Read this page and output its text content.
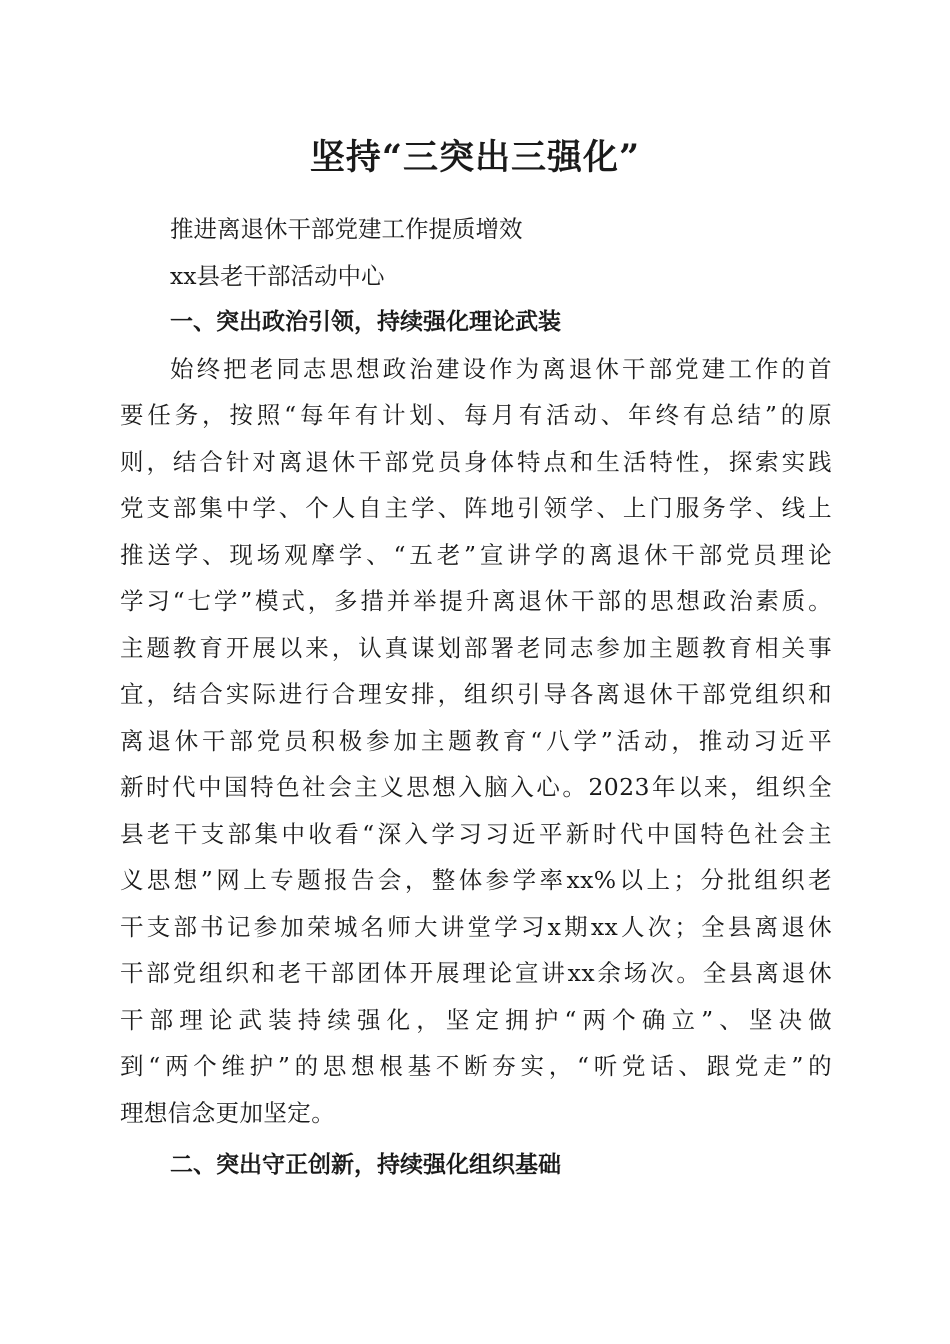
坚持“三突出三强化”

推进离退休干部党建工作提质增效

xx县老干部活动中心

一、突出政治引领，持续强化理论武装

始终把老同志思想政治建设作为离退休干部党建工作的首

要任务，按照“每年有计划、每月有活动、年终有总结”的原

则，结合针对离退休干部党员身体特点和生活特性，探索实践

党支部集中学、个人自主学、阵地引领学、上门服务学、线上

推送学、现场观摩学、“五老”宣讲学的离退休干部党员理论

学习“七学”模式，多措并举提升离退休干部的思想政治素质。

主题教育开展以来，认真谋划部署老同志参加主题教育相关事

宜，结合实际进行合理安排，组织引导各离退休干部党组织和

离退休干部党员积极参加主题教育“八学”活动，推动习近平

新时代中国特色社会主义思想入脑入心。2023年以来，组织全

县老干支部集中收看“深入学习习近平新时代中国特色社会主

义思想”网上专题报告会，整体参学率xx%以上；分批组织老

干支部书记参加荣城名师大讲堂学习x期xx人次；全县离退休

干部党组织和老干部团体开展理论宣讲xx余场次。全县离退休

干部理论武装持续强化，坚定拥护“两个确立”、坚决做

到“两个维护”的思想根基不断夯实，“听党话、跟党走”的

理想信念更加坚定。

二、突出守正创新，持续强化组织基础
